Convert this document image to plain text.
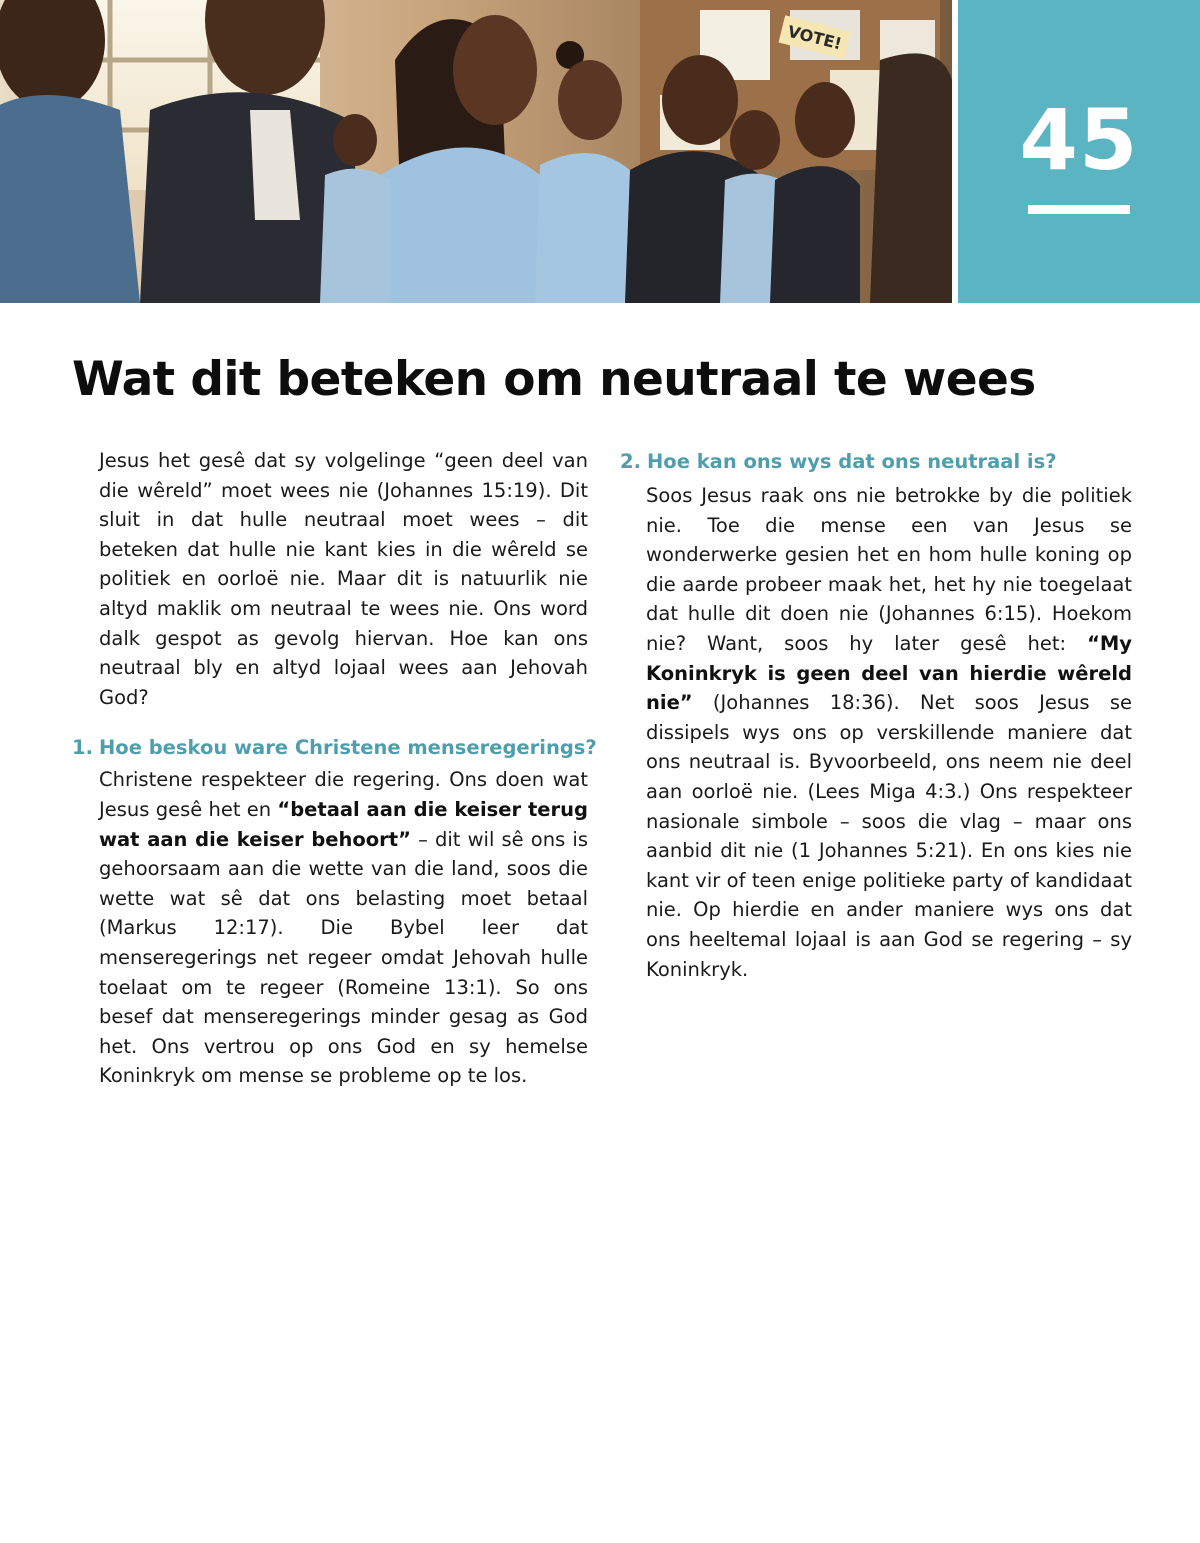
VOTE!
45
Wat dit beteken om neutraal te wees

Jesus het gesê dat sy volgelinge “geen deel van die wêreld” moet wees nie (Johannes 15:19). Dit sluit in dat hulle neutraal moet wees – dit beteken dat hulle nie kant kies in die wêreld se politiek en oorloë nie. Maar dit is natuurlik nie altyd maklik om neutraal te wees nie. Ons word dalk gespot as gevolg hiervan. Hoe kan ons neutraal bly en altyd lojaal wees aan Jehovah God?

1. Hoe beskou ware Christene menseregerings?

Christene respekteer die regering. Ons doen wat Jesus gesê het en “betaal aan die keiser terug wat aan die keiser behoort” – dit wil sê ons is gehoorsaam aan die wette van die land, soos die wette wat sê dat ons belasting moet betaal (Markus 12:17). Die Bybel leer dat menseregerings net regeer omdat Jehovah hulle toelaat om te regeer (Romeine 13:1). So ons besef dat menseregerings minder gesag as God het. Ons vertrou op ons God en sy hemelse Koninkryk om mense se probleme op te los.

2. Hoe kan ons wys dat ons neutraal is?

Soos Jesus raak ons nie betrokke by die politiek nie. Toe die mense een van Jesus se wonderwerke gesien het en hom hulle koning op die aarde probeer maak het, het hy nie toegelaat dat hulle dit doen nie (Johannes 6:15). Hoekom nie? Want, soos hy later gesê het: “My Koninkryk is geen deel van hierdie wêreld nie” (Johannes 18:36). Net soos Jesus se dissipels wys ons op verskillende maniere dat ons neutraal is. Byvoorbeeld, ons neem nie deel aan oorloë nie. (Lees Miga 4:3.) Ons respekteer nasionale simbole – soos die vlag – maar ons aanbid dit nie (1 Johannes 5:21). En ons kies nie kant vir of teen enige politieke party of kandidaat nie. Op hierdie en ander maniere wys ons dat ons heeltemal lojaal is aan God se regering – sy Koninkryk.
